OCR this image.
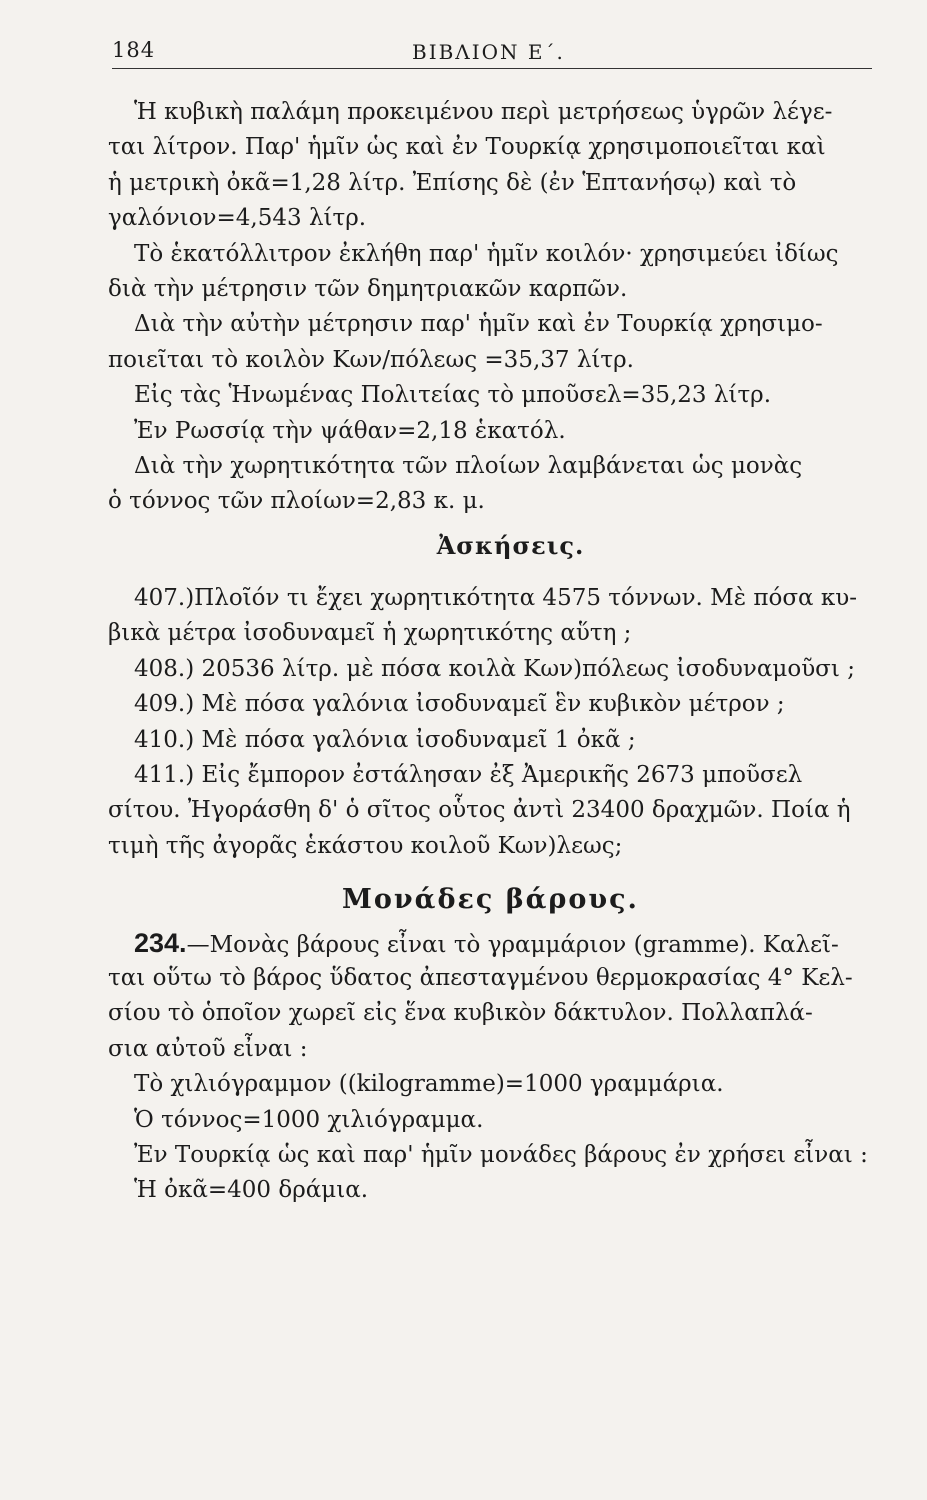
184	ΒΙΒΛΙΟΝ Ε΄.
Ἡ κυβικὴ παλάμη προκειμένου περὶ μετρήσεως ὑγρῶν λέγε-
ται λίτρον. Παρ' ἡμῖν ὡς καὶ ἐν Τουρκίᾳ χρησιμοποιεῖται καὶ
ἡ μετρικὴ ὀκᾶ=1,28 λίτρ. Ἐπίσης δὲ (ἐν Ἑπτανήσῳ) καὶ τὸ
γαλόνιον=4,543 λίτρ.
Τὸ ἑκατόλλιτρον ἐκλήθη παρ' ἡμῖν κοιλόν· χρησιμεύει ἰδίως
διὰ τὴν μέτρησιν τῶν δημητριακῶν καρπῶν.
Διὰ τὴν αὐτὴν μέτρησιν παρ' ἡμῖν καὶ ἐν Τουρκίᾳ χρησιμο-
ποιεῖται τὸ κοιλὸν Κων/πόλεως =35,37 λίτρ.
Εἰς τὰς Ἡνωμένας Πολιτείας τὸ μποῦσελ=35,23 λίτρ.
Ἐν Ρωσσίᾳ τὴν ψάθαν=2,18 ἑκατόλ.
Διὰ τὴν χωρητικότητα τῶν πλοίων λαμβάνεται ὡς μονὰς
ὁ τόννος τῶν πλοίων=2,83 κ. μ.
Ἀσκήσεις.
407.)Πλοῖόν τι ἔχει χωρητικότητα 4575 τόννων. Μὲ πόσα κυ-
βικὰ μέτρα ἰσοδυναμεῖ ἡ χωρητικότης αὕτη ;
408.) 20536 λίτρ. μὲ πόσα κοιλὰ Κων)πόλεως ἰσοδυναμοῦσι ;
409.) Μὲ πόσα γαλόνια ἰσοδυναμεῖ ἓν κυβικὸν μέτρον ;
410.) Μὲ πόσα γαλόνια ἰσοδυναμεῖ 1 ὀκᾶ ;
411.) Εἰς ἔμπορον ἐστάλησαν ἐξ Ἀμερικῆς 2673 μποῦσελ
σίτου. Ἠγοράσθη δ' ὁ σῖτος οὗτος ἀντὶ 23400 δραχμῶν. Ποία ἡ
τιμὴ τῆς ἀγορᾶς ἑκάστου κοιλοῦ Κων)λεως;
Μονάδες βάρους.
234.—Μονὰς βάρους εἶναι τὸ γραμμάριον (gramme). Καλεῖ-
ται οὕτω τὸ βάρος ὕδατος ἀπεσταγμένου θερμοκρασίας 4° Κελ-
σίου τὸ ὁποῖον χωρεῖ εἰς ἕνα κυβικὸν δάκτυλον. Πολλαπλά-
σια αὐτοῦ εἶναι :
Τὸ χιλιόγραμμον ((kilogramme)=1000 γραμμάρια.
Ὁ τόννος=1000 χιλιόγραμμα.
Ἐν Τουρκίᾳ ὡς καὶ παρ' ἡμῖν μονάδες βάρους ἐν χρήσει εἶναι :
Ἡ ὀκᾶ=400 δράμια.
